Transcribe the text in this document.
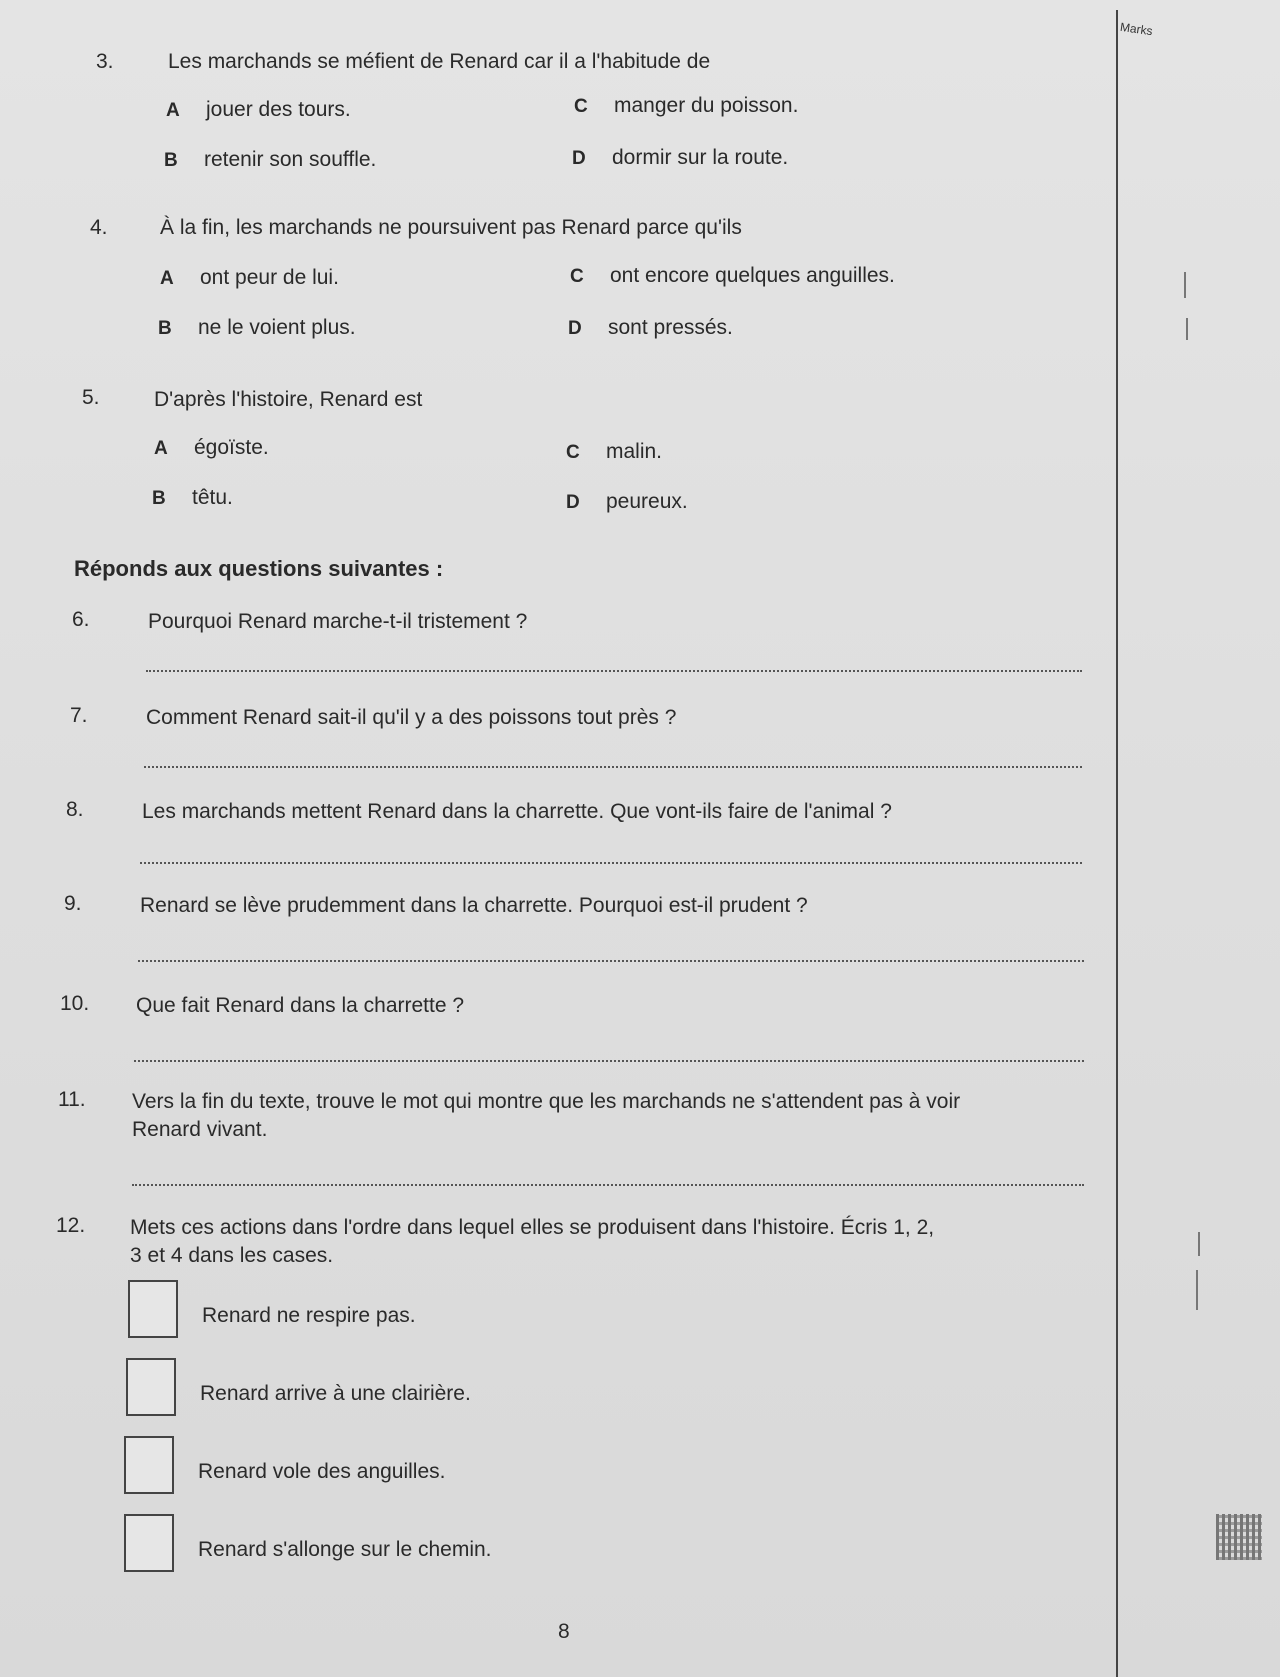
Marks
3.	Les marchands se méfient de Renard car il a l'habitude de
A jouer des tours.
B retenir son souffle.
C manger du poisson.
D dormir sur la route.
4. À la fin, les marchands ne poursuivent pas Renard parce qu'ils
A ont peur de lui.
B ne le voient plus.
C ont encore quelques anguilles.
D sont pressés.
5.	D'après l'histoire, Renard est
A égoïste.
B têtu.
C malin.
D peureux.
Réponds aux questions suivantes :
6.	Pourquoi Renard marche-t-il tristement ?
7.	Comment Renard sait-il qu'il y a des poissons tout près ?
8.	Les marchands mettent Renard dans la charrette. Que vont-ils faire de l'animal ?
9.	Renard se lève prudemment dans la charrette. Pourquoi est-il prudent ?
10. Que fait Renard dans la charrette ?
11. Vers la fin du texte, trouve le mot qui montre que les marchands ne s'attendent pas à voir
Renard vivant.
12. Mets ces actions dans l'ordre dans lequel elles se produisent dans l'histoire. Écris 1, 2,
3 et 4 dans les cases.
Renard ne respire pas.
Renard arrive à une clairière.
Renard vole des anguilles.
Renard s'allonge sur le chemin.
8
